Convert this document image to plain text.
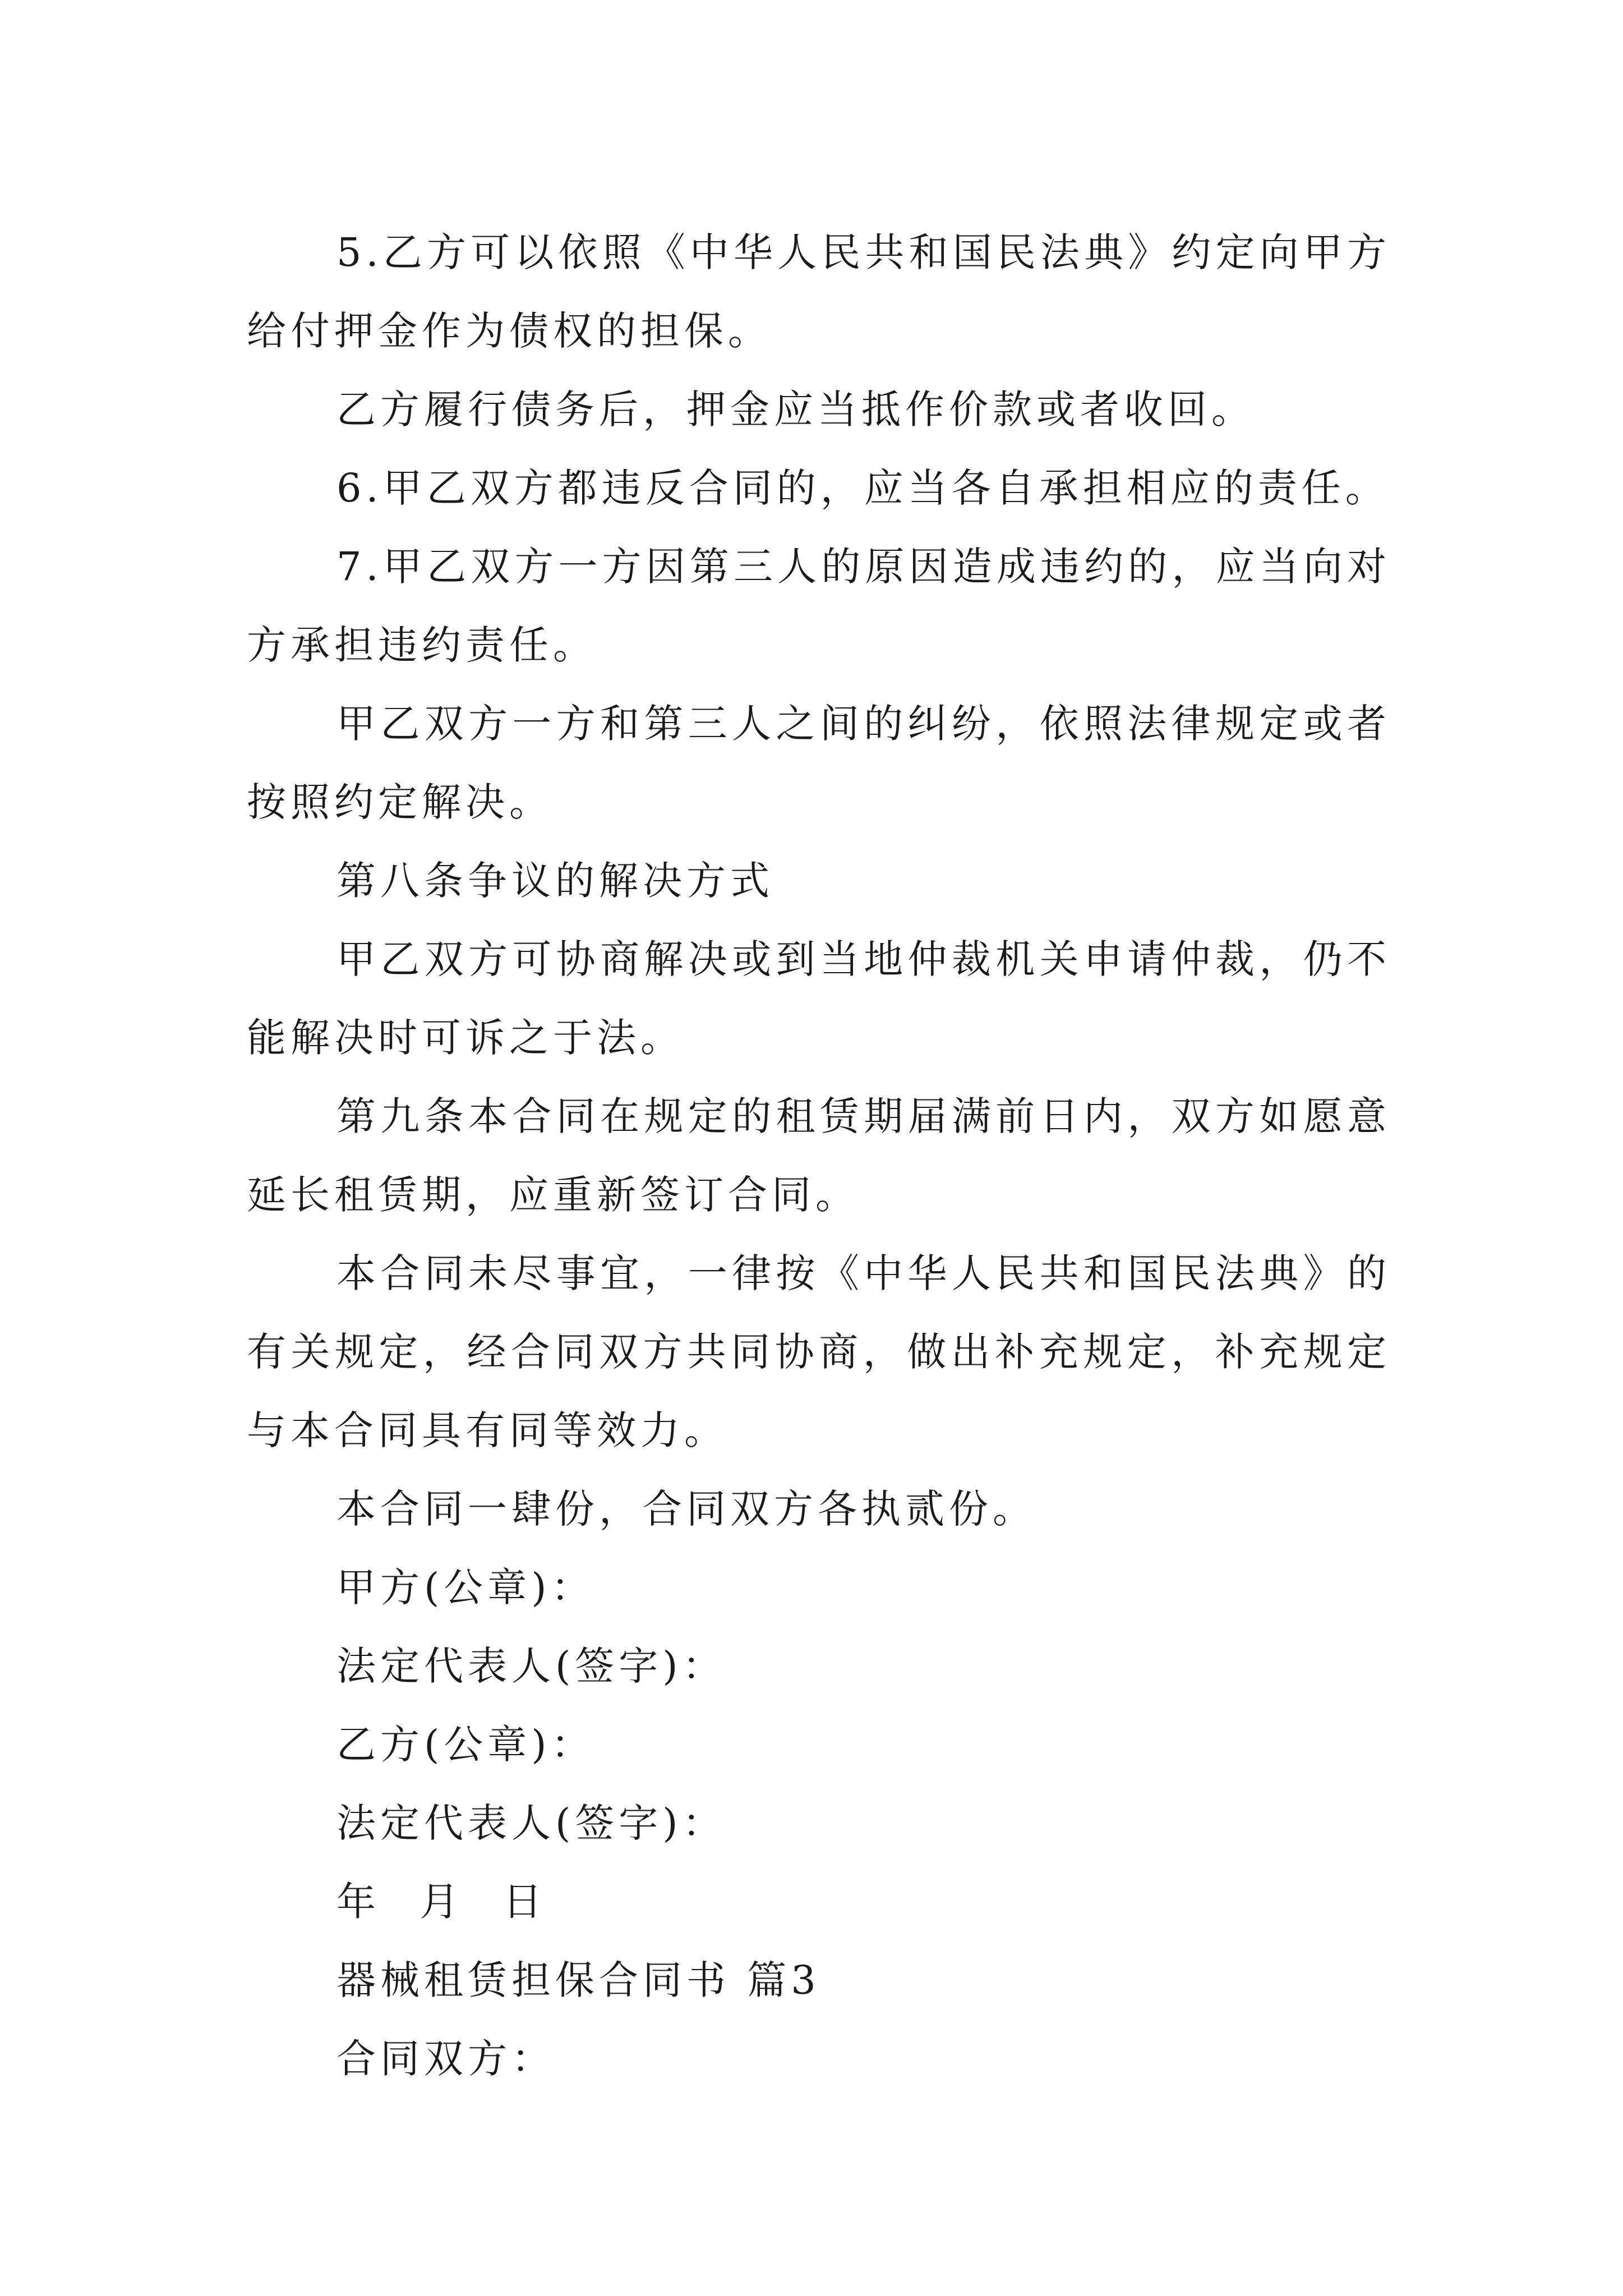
5.乙方可以依照《中华人民共和国民法典》约定向甲方给付押金作为债权的担保。

乙方履行债务后，押金应当抵作价款或者收回。

6.甲乙双方都违反合同的，应当各自承担相应的责任。

7.甲乙双方一方因第三人的原因造成违约的，应当向对方承担违约责任。

甲乙双方一方和第三人之间的纠纷，依照法律规定或者按照约定解决。

第八条争议的解决方式

甲乙双方可协商解决或到当地仲裁机关申请仲裁，仍不能解决时可诉之于法。

第九条本合同在规定的租赁期届满前日内，双方如愿意延长租赁期，应重新签订合同。

本合同未尽事宜，一律按《中华人民共和国民法典》的有关规定，经合同双方共同协商，做出补充规定，补充规定与本合同具有同等效力。

本合同一肆份，合同双方各执贰份。

甲方(公章)：

法定代表人(签字)：

乙方(公章)：

法定代表人(签字)：

年 月 日

器械租赁担保合同书 篇3

合同双方：
